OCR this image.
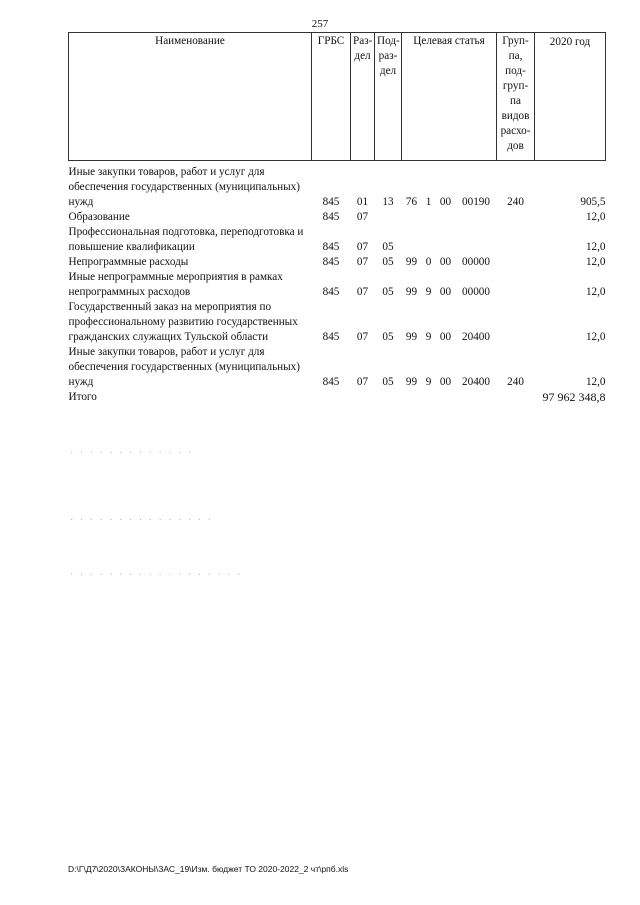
257
Наименование	ГРБС	Раз-дел	Под-раз-дел	Целевая статья				Груп-па, под-груп-па видов расхо-дов	2020 год

Иные закупки товаров, работ и услуг для обеспечения государственных (муниципальных) нужд	845	01	13	76	1	00	00190	240	905,5
Образование	845	07							12,0
Профессиональная подготовка, переподготовка и повышение квалификации	845	07	05						12,0
Непрограммные расходы	845	07	05	99	0	00	00000		12,0
Иные непрограммные мероприятия в рамках непрограммных расходов	845	07	05	99	9	00	00000		12,0
Государственный заказ на мероприятия по профессиональному развитию государственных гражданских служащих Тульской области	845	07	05	99	9	00	20400		12,0
Иные закупки товаров, работ и услуг для обеспечения государственных (муниципальных) нужд	845	07	05	99	9	00	20400	240	12,0
Итого									97 962 348,8
· · · · · · · · · · · · ·
· · · · · · · · · · · · · · ·
· · · · · · · · · · · · · · · · · ·
D:\Г\Д7\2020\ЗАКОНЫ\ЗАС_19\Изм. бюджет ТО 2020-2022_2 чт\рпб.xls
